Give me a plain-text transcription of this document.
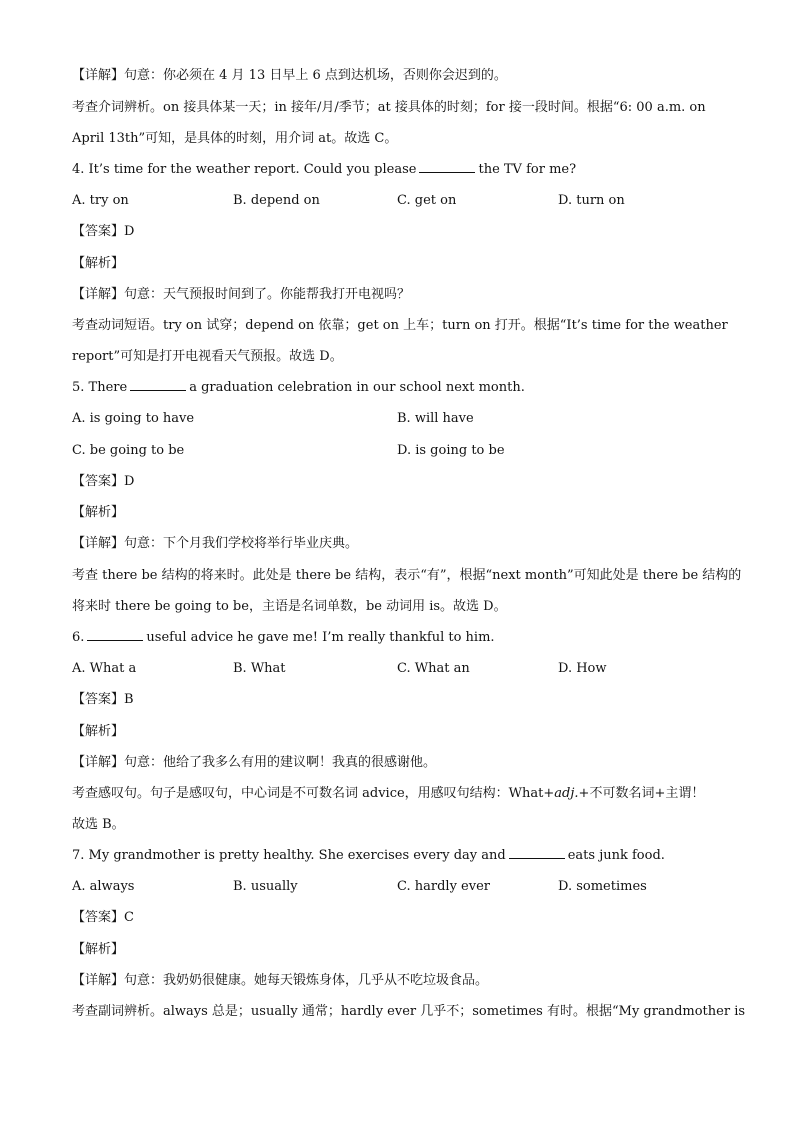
【详解】句意：你必须在 4 月 13 日早上 6 点到达机场，否则你会迟到的。
考查介词辨析。on 接具体某一天；in 接年/月/季节；at 接具体的时刻；for 接一段时间。根据“6: 00 a.m. on
April 13th”可知，是具体的时刻，用介词 at。故选 C。
4. It’s time for the weather report. Could you please	the TV for me?
A. try on	B. depend on	C. get on	D. turn on
【答案】D
【解析】
【详解】句意：天气预报时间到了。你能帮我打开电视吗？
考查动词短语。try on 试穿；depend on 依靠；get on 上车；turn on 打开。根据“It’s time for the weather
report”可知是打开电视看天气预报。故选 D。
5. There	a graduation celebration in our school next month.
A. is going to have	B. will have
C. be going to be	D. is going to be
【答案】D
【解析】
【详解】句意：下个月我们学校将举行毕业庆典。
考查 there be 结构的将来时。此处是 there be 结构，表示“有”，根据“next month”可知此处是 there be 结构的
将来时 there be going to be，主语是名词单数，be 动词用 is。故选 D。
6.	useful advice he gave me! I’m really thankful to him.
A. What a	B. What	C. What an	D. How
【答案】B
【解析】
【详解】句意：他给了我多么有用的建议啊！我真的很感谢他。
考查感叹句。句子是感叹句，中心词是不可数名词 advice，用感叹句结构：What+adj.+不可数名词+主谓！
故选 B。
7. My grandmother is pretty healthy. She exercises every day and	eats junk food.
A. always	B. usually	C. hardly ever	D. sometimes
【答案】C
【解析】
【详解】句意：我奶奶很健康。她每天锻炼身体，几乎从不吃垃圾食品。
考查副词辨析。always 总是；usually 通常；hardly ever 几乎不；sometimes 有时。根据“My grandmother is
